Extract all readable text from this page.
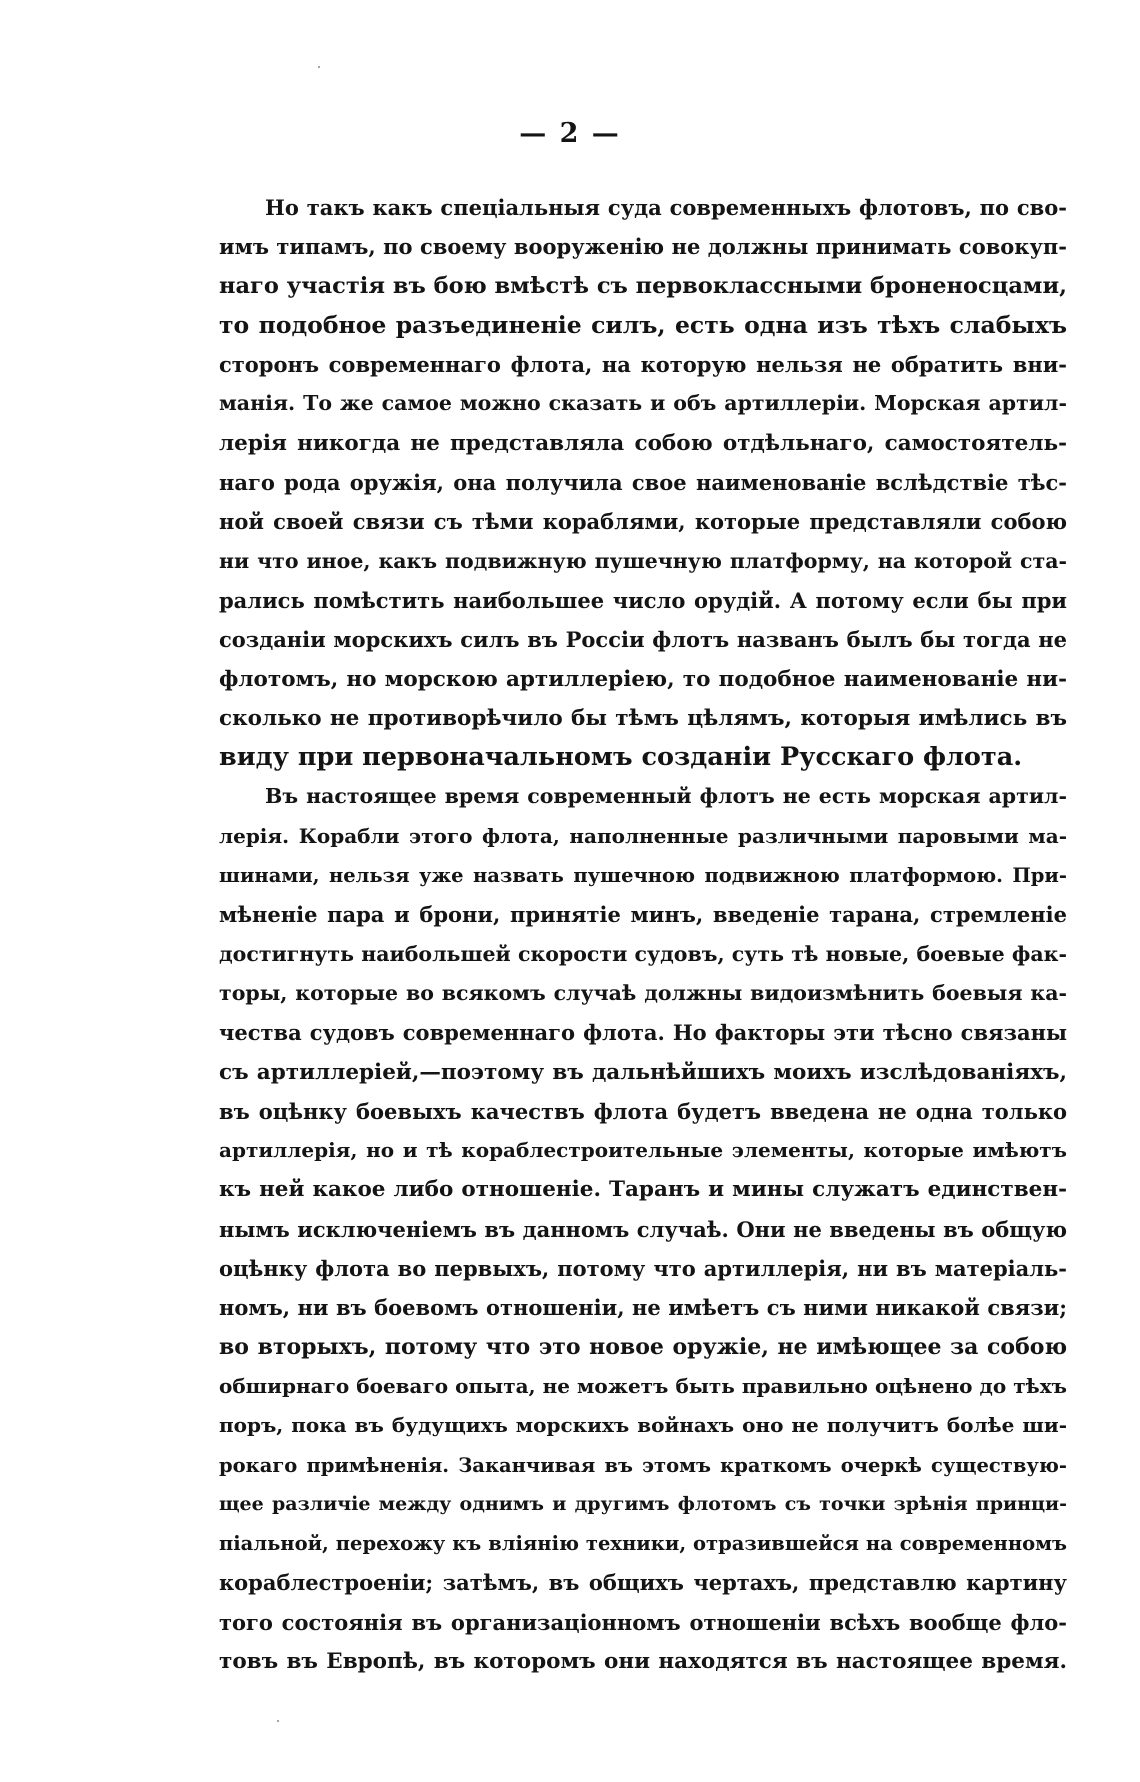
— 2 —
Но такъ какъ спеціальныя суда современныхъ флотовъ, по сво-
имъ типамъ, по своему вооруженію не должны принимать совокуп-
наго участія въ бою вмѣстѣ съ первоклассными броненосцами,
то подобное разъединеніе силъ, есть одна изъ тѣхъ слабыхъ
сторонъ современнаго флота, на которую нельзя не обратить вни-
манія. То же самое можно сказать и объ артиллеріи. Морская артил-
лерія никогда не представляла собою отдѣльнаго, самостоятель-
наго рода оружія, она получила свое наименованіе вслѣдствіе тѣс-
ной своей связи съ тѣми кораблями, которые представляли собою
ни что иное, какъ подвижную пушечную платформу, на которой ста-
рались помѣстить наибольшее число орудій. А потому если бы при
созданіи морскихъ силъ въ Россіи флотъ названъ былъ бы тогда не
флотомъ, но морскою артиллеріею, то подобное наименованіе ни-
сколько не противорѣчило бы тѣмъ цѣлямъ, которыя имѣлись въ
виду при первоначальномъ созданіи Русскаго флота.
Въ настоящее время современный флотъ не есть морская артил-
лерія. Корабли этого флота, наполненные различными паровыми ма-
шинами, нельзя уже назвать пушечною подвижною платформою. При-
мѣненіе пара и брони, принятіе минъ, введеніе тарана, стремленіе
достигнуть наибольшей скорости судовъ, суть тѣ новые, боевые фак-
торы, которые во всякомъ случаѣ должны видоизмѣнить боевыя ка-
чества судовъ современнаго флота. Но факторы эти тѣсно связаны
съ артиллеріей,—поэтому въ дальнѣйшихъ моихъ изслѣдованіяхъ,
въ оцѣнку боевыхъ качествъ флота будетъ введена не одна только
артиллерія, но и тѣ кораблестроительные элементы, которые имѣютъ
къ ней какое либо отношеніе. Таранъ и мины служатъ единствен-
нымъ исключеніемъ въ данномъ случаѣ. Они не введены въ общую
оцѣнку флота во первыхъ, потому что артиллерія, ни въ матеріаль-
номъ, ни въ боевомъ отношеніи, не имѣетъ съ ними никакой связи;
во вторыхъ, потому что это новое оружіе, не имѣющее за собою
обширнаго боеваго опыта, не можетъ быть правильно оцѣнено до тѣхъ
поръ, пока въ будущихъ морскихъ войнахъ оно не получитъ болѣе ши-
рокаго примѣненія. Заканчивая въ этомъ краткомъ очеркѣ существую-
щее различіе между однимъ и другимъ флотомъ съ точки зрѣнія принци-
піальной, перехожу къ вліянію техники, отразившейся на современномъ
кораблестроеніи; затѣмъ, въ общихъ чертахъ, представлю картину
того состоянія въ организаціонномъ отношеніи всѣхъ вообще фло-
товъ въ Европѣ, въ которомъ они находятся въ настоящее время.
